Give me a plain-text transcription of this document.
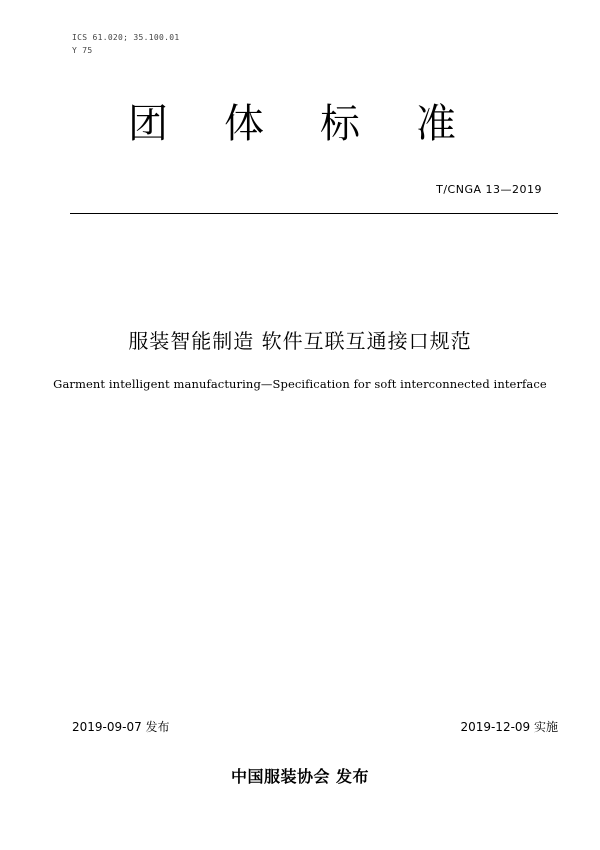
ICS 61.020; 35.100.01
Y 75
团体标准
T/CNGA 13—2019
服装智能制造 软件互联互通接口规范
Garment intelligent manufacturing—Specification for soft interconnected interface
2019-09-07 发布	2019-12-09 实施
中国服装协会 发布
